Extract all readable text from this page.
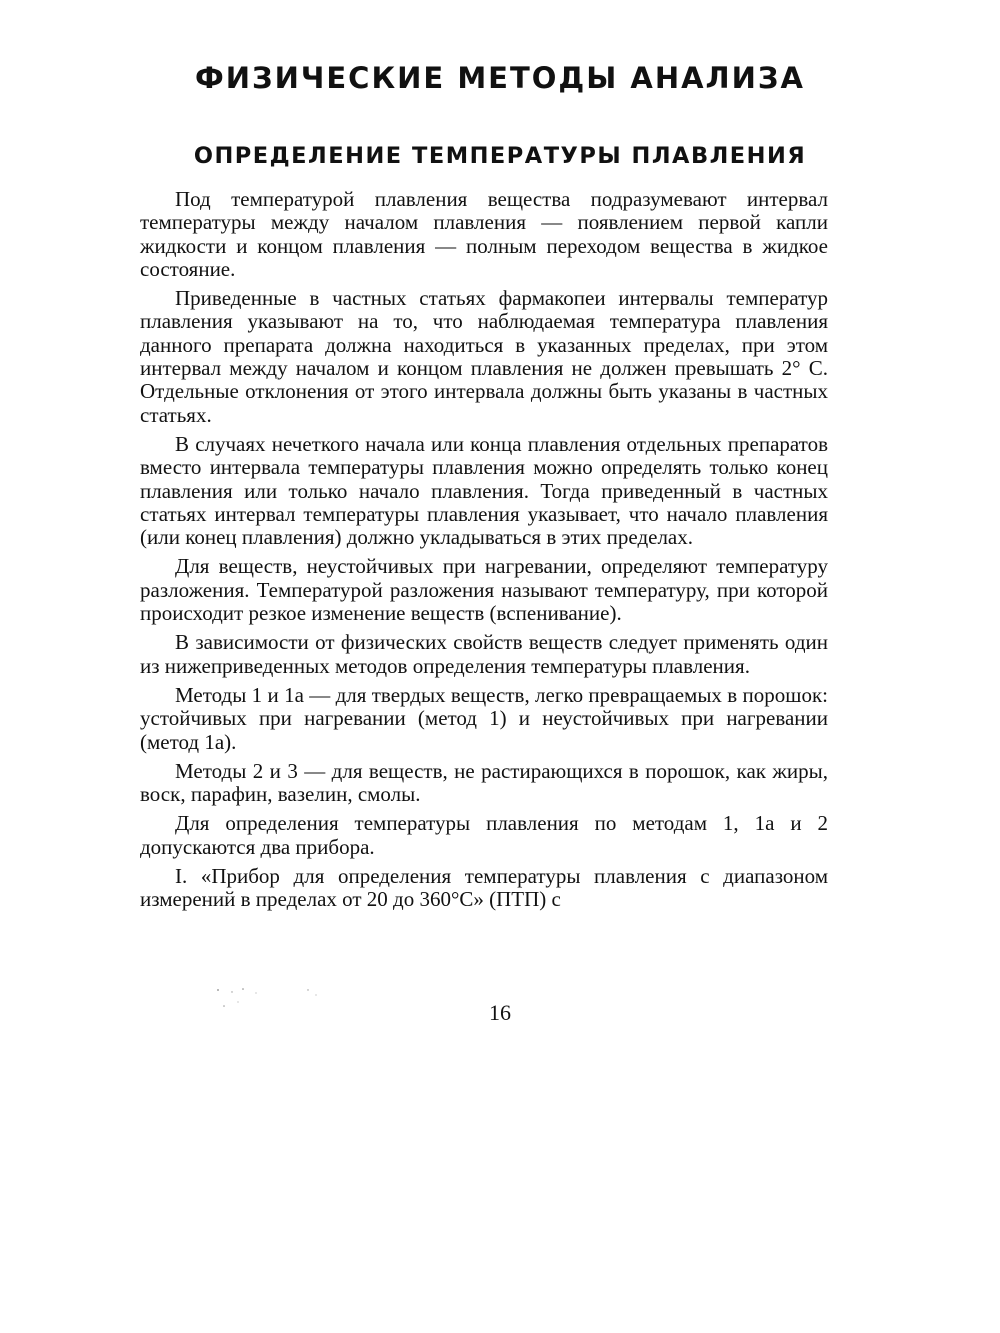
ФИЗИЧЕСКИЕ МЕТОДЫ АНАЛИЗА
ОПРЕДЕЛЕНИЕ ТЕМПЕРАТУРЫ ПЛАВЛЕНИЯ

Под температурой плавления вещества подразумевают интервал температуры между началом плавления — появлением первой капли жидкости и концом плавления — полным переходом вещества в жидкое состояние.

Приведенные в частных статьях фармакопеи интервалы температур плавления указывают на то, что наблюдаемая температура плавления данного препарата должна находиться в указанных пределах, при этом интервал между началом и концом плавления не должен превышать 2° С. Отдельные отклонения от этого интервала должны быть указаны в частных статьях.

В случаях нечеткого начала или конца плавления отдельных препаратов вместо интервала температуры плавления можно определять только конец плавления или только начало плавления. Тогда приведенный в частных статьях интервал температуры плавления указывает, что начало плавления (или конец плавления) должно укладываться в этих пределах.

Для веществ, неустойчивых при нагревании, определяют температуру разложения. Температурой разложения называют температуру, при которой происходит резкое изменение веществ (вспенивание).

В зависимости от физических свойств веществ следует применять один из нижеприведенных методов определения температуры плавления.

Методы 1 и 1а — для твердых веществ, легко превращаемых в порошок: устойчивых при нагревании (метод 1) и неустойчивых при нагревании (метод 1а).

Методы 2 и 3 — для веществ, не растирающихся в порошок, как жиры, воск, парафин, вазелин, смолы.

Для определения температуры плавления по методам 1, 1а и 2 допускаются два прибора.

I. «Прибор для определения температуры плавления с диапазоном измерений в пределах от 20 до 360°С» (ПТП) с

16
